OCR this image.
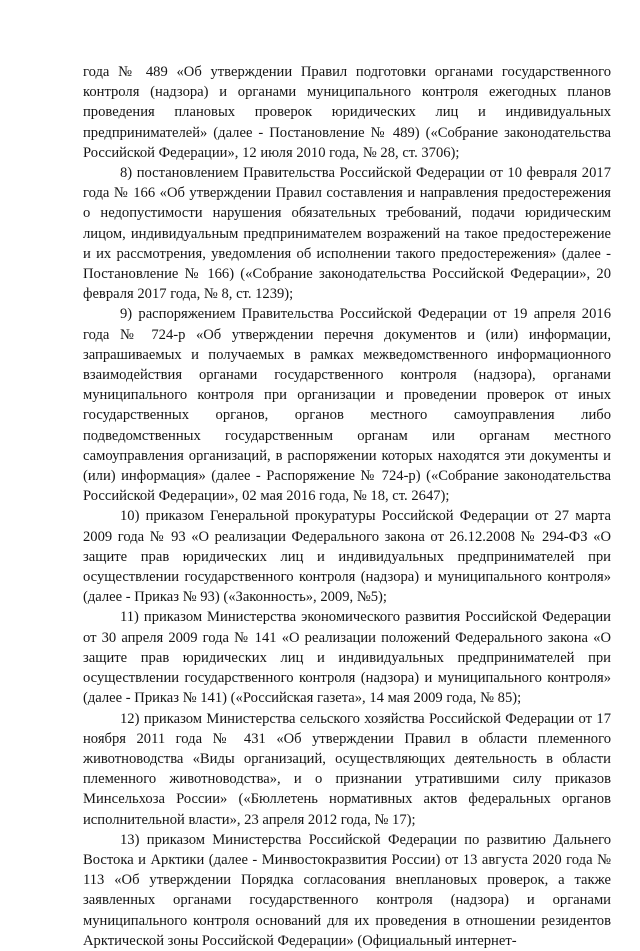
года № 489 «Об утверждении Правил подготовки органами государственного контроля (надзора) и органами муниципального контроля ежегодных планов проведения плановых проверок юридических лиц и индивидуальных предпринимателей» (далее - Постановление № 489) («Собрание законодательства Российской Федерации», 12 июля 2010 года, № 28, ст. 3706);

8) постановлением Правительства Российской Федерации от 10 февраля 2017 года № 166 «Об утверждении Правил составления и направления предостережения о недопустимости нарушения обязательных требований, подачи юридическим лицом, индивидуальным предпринимателем возражений на такое предостережение и их рассмотрения, уведомления об исполнении такого предостережения» (далее - Постановление № 166) («Собрание законодательства Российской Федерации», 20 февраля 2017 года, № 8, ст. 1239);

9) распоряжением Правительства Российской Федерации от 19 апреля 2016 года № 724-р «Об утверждении перечня документов и (или) информации, запрашиваемых и получаемых в рамках межведомственного информационного взаимодействия органами государственного контроля (надзора), органами муниципального контроля при организации и проведении проверок от иных государственных органов, органов местного самоуправления либо подведомственных государственным органам или органам местного самоуправления организаций, в распоряжении которых находятся эти документы и (или) информация» (далее - Распоряжение № 724-р) («Собрание законодательства Российской Федерации», 02 мая 2016 года, № 18, ст. 2647);

10) приказом Генеральной прокуратуры Российской Федерации от 27 марта 2009 года № 93 «О реализации Федерального закона от 26.12.2008 № 294-ФЗ «О защите прав юридических лиц и индивидуальных предпринимателей при осуществлении государственного контроля (надзора) и муниципального контроля» (далее - Приказ № 93) («Законность», 2009, №5);

11) приказом Министерства экономического развития Российской Федерации от 30 апреля 2009 года № 141 «О реализации положений Федерального закона «О защите прав юридических лиц и индивидуальных предпринимателей при осуществлении государственного контроля (надзора) и муниципального контроля» (далее - Приказ № 141) («Российская газета», 14 мая 2009 года, № 85);

12) приказом Министерства сельского хозяйства Российской Федерации от 17 ноября 2011 года № 431 «Об утверждении Правил в области племенного животноводства «Виды организаций, осуществляющих деятельность в области племенного животноводства», и о признании утратившими силу приказов Минсельхоза России» («Бюллетень нормативных актов федеральных органов исполнительной власти», 23 апреля 2012 года, № 17);

13) приказом Министерства Российской Федерации по развитию Дальнего Востока и Арктики (далее - Минвостокразвития России) от 13 августа 2020 года № 113 «Об утверждении Порядка согласования внеплановых проверок, а также заявленных органами государственного контроля (надзора) и органами муниципального контроля оснований для их проведения в отношении резидентов Арктической зоны Российской Федерации» (Официальный интернет-
